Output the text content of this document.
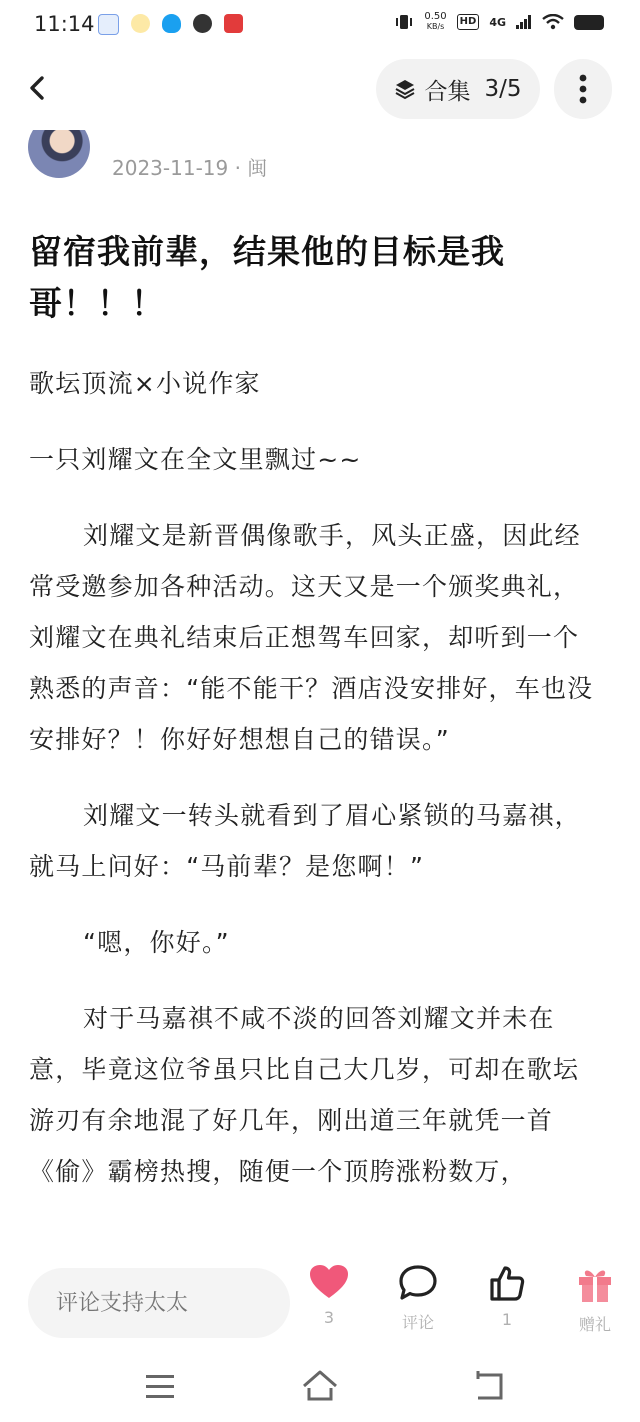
11:14	0.50
KB/s	HD 4G
合集 3/5
2023-11-19 · 闽
留宿我前辈，结果他的目标是我哥！！！

歌坛顶流×小说作家

一只刘耀文在全文里飘过~~

刘耀文是新晋偶像歌手，风头正盛，因此经常受邀参加各种活动。这天又是一个颁奖典礼，刘耀文在典礼结束后正想驾车回家，却听到一个熟悉的声音：“能不能干？酒店没安排好，车也没安排好？！你好好想想自己的错误。”

刘耀文一转头就看到了眉心紧锁的马嘉祺，就马上问好：“马前辈？是您啊！”

“嗯，你好。”

对于马嘉祺不咸不淡的回答刘耀文并未在意，毕竟这位爷虽只比自己大几岁，可却在歌坛游刃有余地混了好几年，刚出道三年就凭一首《偷》霸榜热搜，随便一个顶胯涨粉数万，

评论支持太太
3	评论	1	赠礼
